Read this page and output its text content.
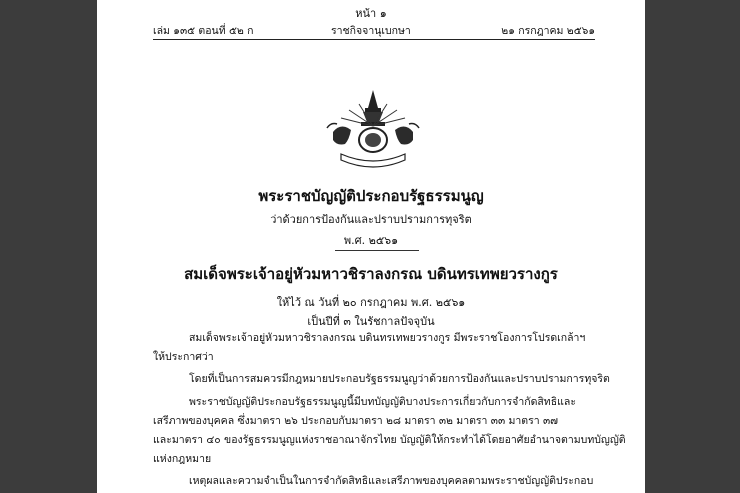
หน้า ๑
เล่ม ๑๓๕ ตอนที่ ๕๒ ก	ราชกิจจานุเบกษา	๒๑ กรกฎาคม ๒๕๖๑
พระราชบัญญัติประกอบรัฐธรรมนูญ
ว่าด้วยการป้องกันและปราบปรามการทุจริต
พ.ศ. ๒๕๖๑
สมเด็จพระเจ้าอยู่หัวมหาวชิราลงกรณ บดินทรเทพยวรางกูร
ให้ไว้ ณ วันที่ ๒๐ กรกฎาคม พ.ศ. ๒๕๖๑
เป็นปีที่ ๓ ในรัชกาลปัจจุบัน
สมเด็จพระเจ้าอยู่หัวมหาวชิราลงกรณ บดินทรเทพยวรางกูร มีพระราชโองการโปรดเกล้าฯ
ให้ประกาศว่า
โดยที่เป็นการสมควรมีกฎหมายประกอบรัฐธรรมนูญว่าด้วยการป้องกันและปราบปรามการทุจริต
พระราชบัญญัติประกอบรัฐธรรมนูญนี้มีบทบัญญัติบางประการเกี่ยวกับการจำกัดสิทธิและ
เสรีภาพของบุคคล ซึ่งมาตรา ๒๖ ประกอบกับมาตรา ๒๘ มาตรา ๓๒ มาตรา ๓๓ มาตรา ๓๗
และมาตรา ๔๐ ของรัฐธรรมนูญแห่งราชอาณาจักรไทย บัญญัติให้กระทำได้โดยอาศัยอำนาจตามบทบัญญัติ
แห่งกฎหมาย
เหตุผลและความจำเป็นในการจำกัดสิทธิและเสรีภาพของบุคคลตามพระราชบัญญัติประกอบ
